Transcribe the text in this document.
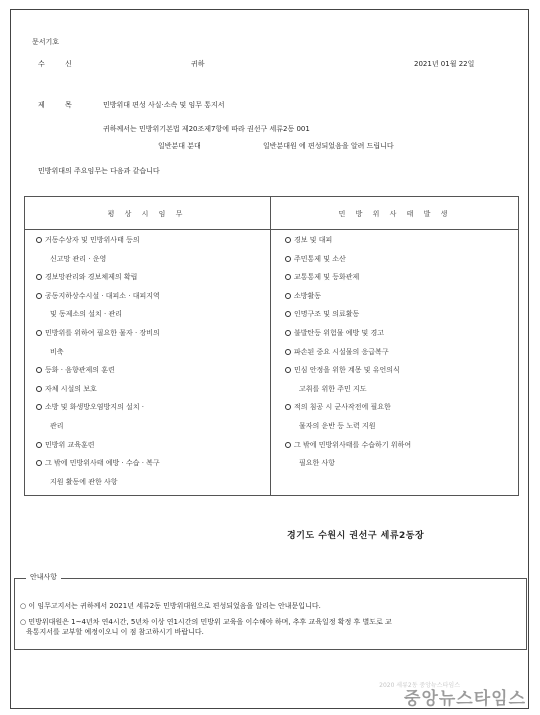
문서기호
수 신	귀하	2021년 01월 22일
제 목	민방위대 편성 사실·소속 및 임무 통지서
귀하께서는 민방위기본법 제20조제7항에 따라 권선구 세류2동 001
일반분대 분대	일반분대원 에 편성되었음을 알려 드립니다
민방위대의 주요임무는 다음과 같습니다
평 상 시 임 무	민 방 위 사 태 발 생
거동수상자 및 민방위사태 등의
신고망 관리 · 운영
경보망관리와 경보체제의 확립
공동지하상수시설 · 대피소 · 대피지역
및 동제소의 설치 · 관리
민방위를 위하여 필요한 물자 · 장비의
비축
등화 · 음향관제의 훈련
자체 시설의 보호
소방 및 화생방오염방지의 설치 ·
관리
민방위 교육훈련
그 밖에 민방위사태 예방 · 수습 · 복구
지원 활동에 관한 사항
경보 및 대피
주민통제 및 소산
교통통제 및 등화관제
소방활동
인명구조 및 의료활동
불발탄등 위험물 예방 및 경고
파손된 중요 시설물의 응급복구
민심 안정을 위한 계몽 및 유언의식
고취를 위한 주민 지도
적의 침공 시 군사작전에 필요한
물자의 운반 등 노력 지원
그 밖에 민방위사태를 수습하기 위하여
필요한 사항
경기도 수원시 권선구 세류2동장
안내사항
○ 이 임무고지서는 귀하께서 2021년 세류2동 민방위대원으로 편성되었음을 알리는 안내문입니다.
○ 민방위대원은 1~4년차 연4시간, 5년차 이상 연1시간의 민방위 교육을 이수해야 하며, 추후 교육일정 확정 후 별도로 교
육통지서를 교부할 예정이오니 이 점 참고하시기 바랍니다.
2020 세류2동 중앙뉴스타임스
중앙뉴스타임스
